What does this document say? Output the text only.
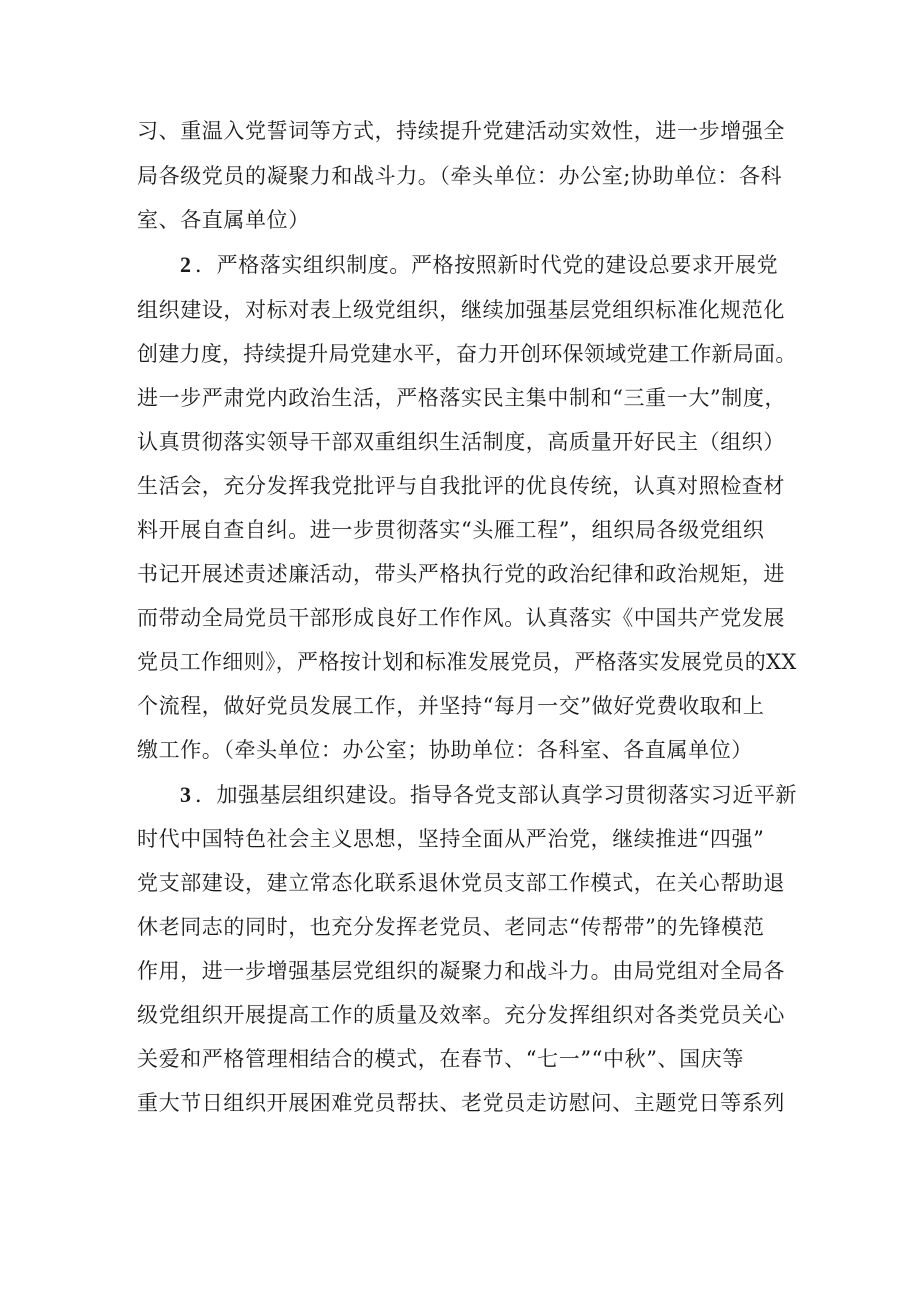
习、重温入党誓词等方式，持续提升党建活动实效性，进一步增强全
局各级党员的凝聚力和战斗力。（牵头单位：办公室;协助单位：各科
室、各直属单位）
2 ．严格落实组织制度。严格按照新时代党的建设总要求开展党
组织建设，对标对表上级党组织，继续加强基层党组织标准化规范化
创建力度，持续提升局党建水平，奋力开创环保领域党建工作新局面。
进一步严肃党内政治生活，严格落实民主集中制和“三重一大”制度，
认真贯彻落实领导干部双重组织生活制度，高质量开好民主（组织）
生活会，充分发挥我党批评与自我批评的优良传统，认真对照检查材
料开展自查自纠。进一步贯彻落实“头雁工程”，组织局各级党组织
书记开展述责述廉活动，带头严格执行党的政治纪律和政治规矩，进
而带动全局党员干部形成良好工作作风。认真落实《中国共产党发展
党员工作细则》，严格按计划和标准发展党员，严格落实发展党员的XX
个流程，做好党员发展工作，并坚持“每月一交”做好党费收取和上
缴工作。（牵头单位：办公室；协助单位：各科室、各直属单位）
3 ．加强基层组织建设。指导各党支部认真学习贯彻落实习近平新
时代中国特色社会主义思想，坚持全面从严治党，继续推进“四强”
党支部建设，建立常态化联系退休党员支部工作模式，在关心帮助退
休老同志的同时，也充分发挥老党员、老同志“传帮带”的先锋模范
作用，进一步增强基层党组织的凝聚力和战斗力。由局党组对全局各
级党组织开展提高工作的质量及效率。充分发挥组织对各类党员关心
关爱和严格管理相结合的模式，在春节、“七一”“中秋”、国庆等
重大节日组织开展困难党员帮扶、老党员走访慰问、主题党日等系列
